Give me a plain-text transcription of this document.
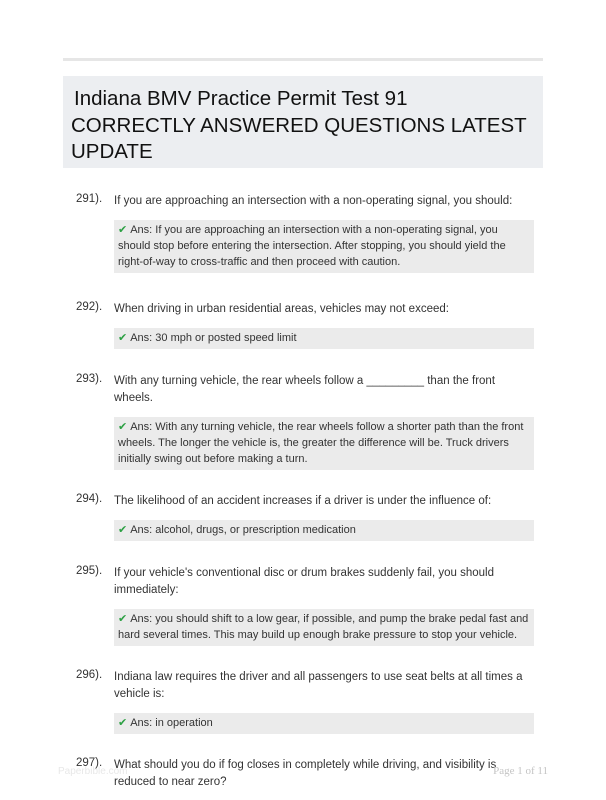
Indiana BMV Practice Permit Test 91
CORRECTLY ANSWERED QUESTIONS LATEST
UPDATE
291).	If you are approaching an intersection with a non-operating signal, you should:
✔ Ans: If you are approaching an intersection with a non-operating signal, you should stop before entering the intersection. After stopping, you should yield the right-of-way to cross-traffic and then proceed with caution.
292).	When driving in urban residential areas, vehicles may not exceed:
✔ Ans: 30 mph or posted speed limit
293).	With any turning vehicle, the rear wheels follow a _________ than the front wheels.
✔ Ans: With any turning vehicle, the rear wheels follow a shorter path than the front wheels. The longer the vehicle is, the greater the difference will be. Truck drivers initially swing out before making a turn.
294).	The likelihood of an accident increases if a driver is under the influence of:
✔ Ans: alcohol, drugs, or prescription medication
295).	If your vehicle's conventional disc or drum brakes suddenly fail, you should immediately:
✔ Ans: you should shift to a low gear, if possible, and pump the brake pedal fast and hard several times. This may build up enough brake pressure to stop your vehicle.
296).	Indiana law requires the driver and all passengers to use seat belts at all times a vehicle is:
✔ Ans: in operation
297).	What should you do if fog closes in completely while driving, and visibility is reduced to near zero?
Paperbible.com	Page 1 of 11
